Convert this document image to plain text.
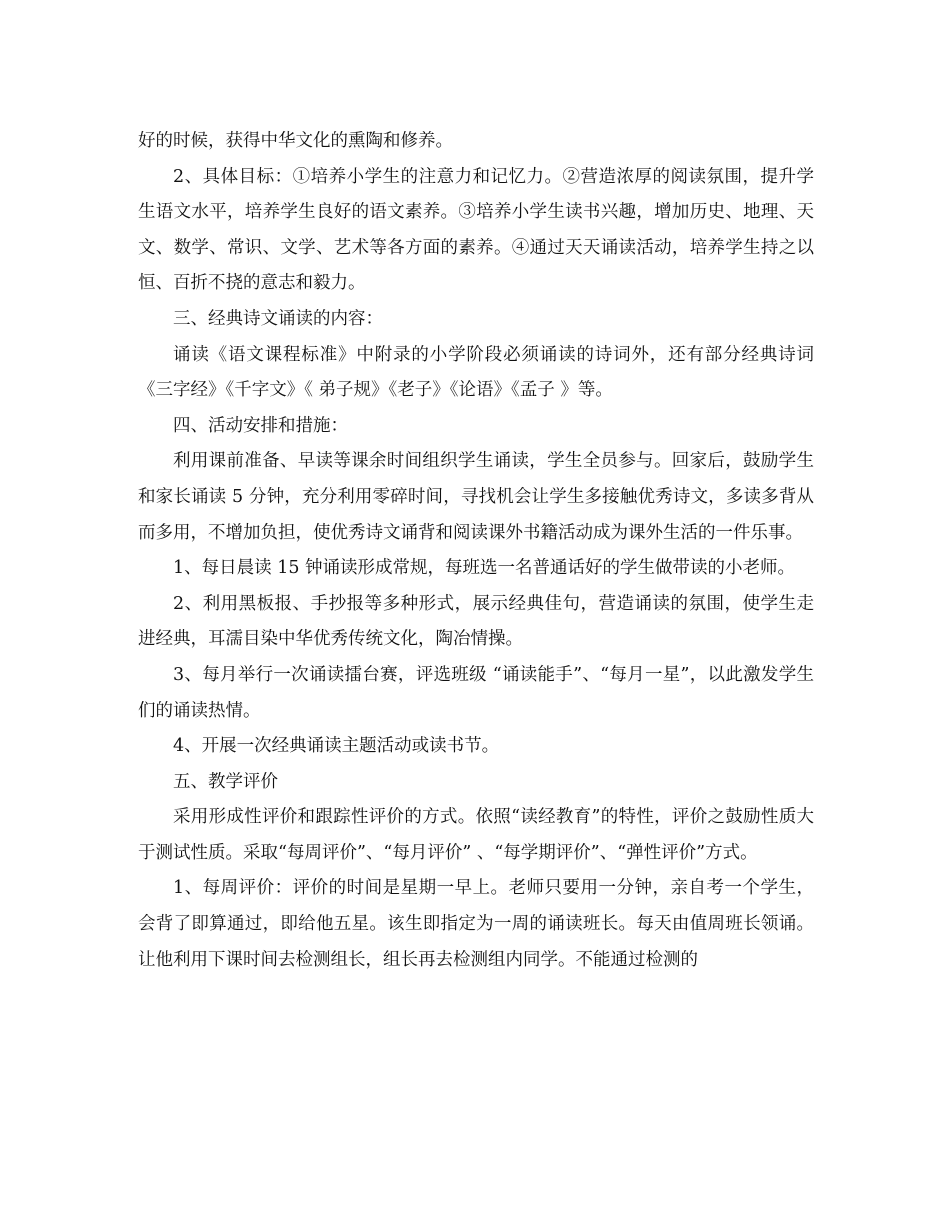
好的时候，获得中华文化的熏陶和修养。

2、具体目标：①培养小学生的注意力和记忆力。②营造浓厚的阅读氛围，提升学生语文水平，培养学生良好的语文素养。③培养小学生读书兴趣，增加历史、地理、天文、数学、常识、文学、艺术等各方面的素养。④通过天天诵读活动，培养学生持之以恒、百折不挠的意志和毅力。

三、经典诗文诵读的内容：

诵读《语文课程标准》中附录的小学阶段必须诵读的诗词外，还有部分经典诗词《三字经》《千字文》《 弟子规》《老子》《论语》《孟子 》等。

四、活动安排和措施：

利用课前准备、早读等课余时间组织学生诵读，学生全员参与。回家后，鼓励学生和家长诵读 5 分钟，充分利用零碎时间，寻找机会让学生多接触优秀诗文，多读多背从而多用，不增加负担，使优秀诗文诵背和阅读课外书籍活动成为课外生活的一件乐事。

1、每日晨读 15 钟诵读形成常规，每班选一名普通话好的学生做带读的小老师。

2、利用黑板报、手抄报等多种形式，展示经典佳句，营造诵读的氛围，使学生走进经典，耳濡目染中华优秀传统文化，陶冶情操。

3、每月举行一次诵读擂台赛，评选班级 “诵读能手”、“每月一星”，以此激发学生们的诵读热情。

4、开展一次经典诵读主题活动或读书节。

五、教学评价

采用形成性评价和跟踪性评价的方式。依照“读经教育”的特性，评价之鼓励性质大于测试性质。采取“每周评价”、“每月评价” 、“每学期评价”、“弹性评价”方式。

1、每周评价：评价的时间是星期一早上。老师只要用一分钟，亲自考一个学生，会背了即算通过，即给他五星。该生即指定为一周的诵读班长。每天由值周班长领诵。让他利用下课时间去检测组长，组长再去检测组内同学。不能通过检测的
